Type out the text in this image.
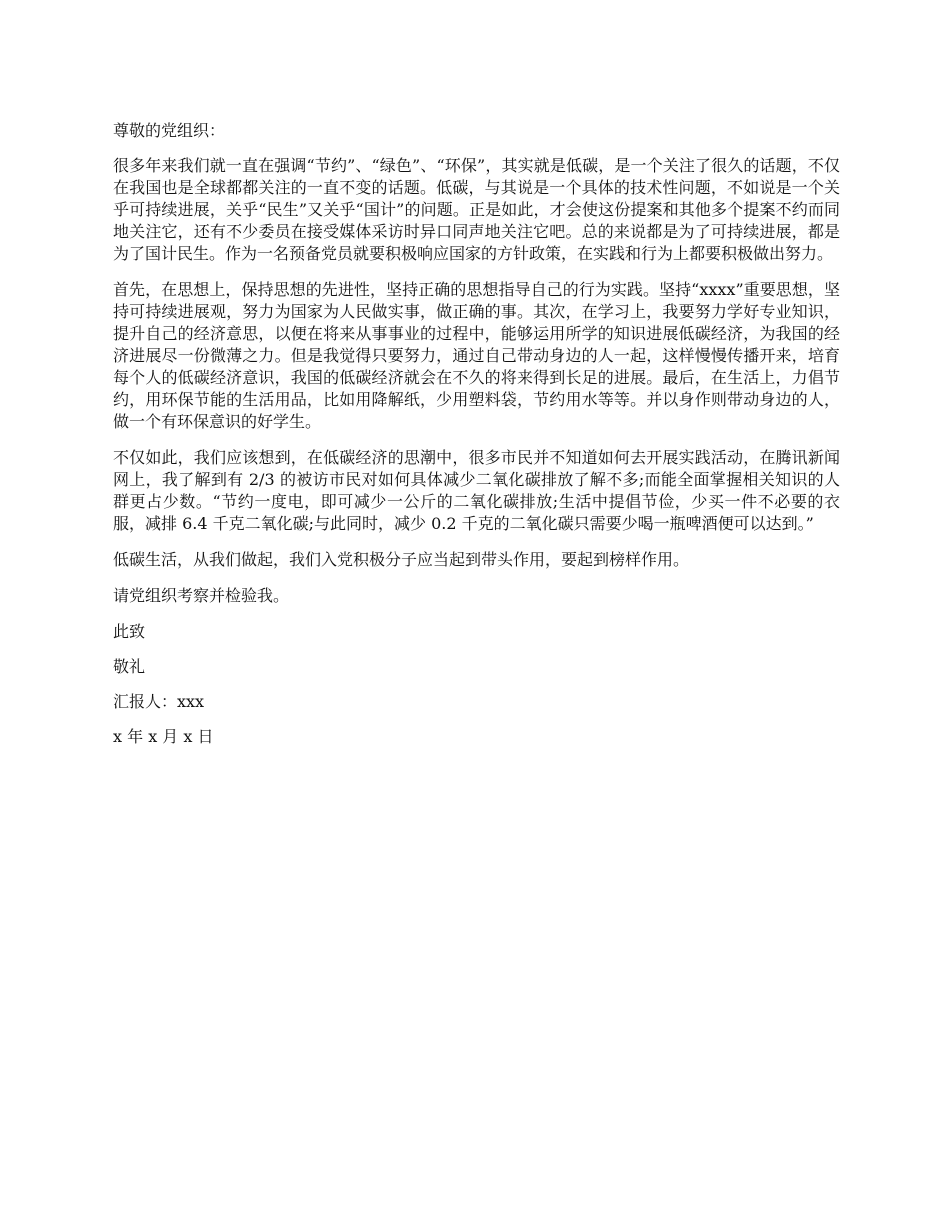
尊敬的党组织：

很多年来我们就一直在强调“节约”、“绿色”、“环保”，其实就是低碳，是一个关注了很久的话题，不仅在我国也是全球都都关注的一直不变的话题。低碳，与其说是一个具体的技术性问题，不如说是一个关乎可持续进展，关乎“民生”又关乎“国计”的问题。正是如此，才会使这份提案和其他多个提案不约而同地关注它，还有不少委员在接受媒体采访时异口同声地关注它吧。总的来说都是为了可持续进展，都是为了国计民生。作为一名预备党员就要积极响应国家的方针政策，在实践和行为上都要积极做出努力。

首先，在思想上，保持思想的先进性，坚持正确的思想指导自己的行为实践。坚持“xxxx”重要思想，坚持可持续进展观，努力为国家为人民做实事，做正确的事。其次，在学习上，我要努力学好专业知识，提升自己的经济意思，以便在将来从事事业的过程中，能够运用所学的知识进展低碳经济，为我国的经济进展尽一份微薄之力。但是我觉得只要努力，通过自己带动身边的人一起，这样慢慢传播开来，培育每个人的低碳经济意识，我国的低碳经济就会在不久的将来得到长足的进展。最后，在生活上，力倡节约，用环保节能的生活用品，比如用降解纸，少用塑料袋，节约用水等等。并以身作则带动身边的人，做一个有环保意识的好学生。

不仅如此，我们应该想到，在低碳经济的思潮中，很多市民并不知道如何去开展实践活动，在腾讯新闻网上，我了解到有 2/3 的被访市民对如何具体减少二氧化碳排放了解不多;而能全面掌握相关知识的人群更占少数。“节约一度电，即可减少一公斤的二氧化碳排放;生活中提倡节俭，少买一件不必要的衣服，减排 6.4 千克二氧化碳;与此同时，减少 0.2 千克的二氧化碳只需要少喝一瓶啤酒便可以达到。”

低碳生活，从我们做起，我们入党积极分子应当起到带头作用，要起到榜样作用。

请党组织考察并检验我。

此致

敬礼

汇报人：xxx

x 年 x 月 x 日
